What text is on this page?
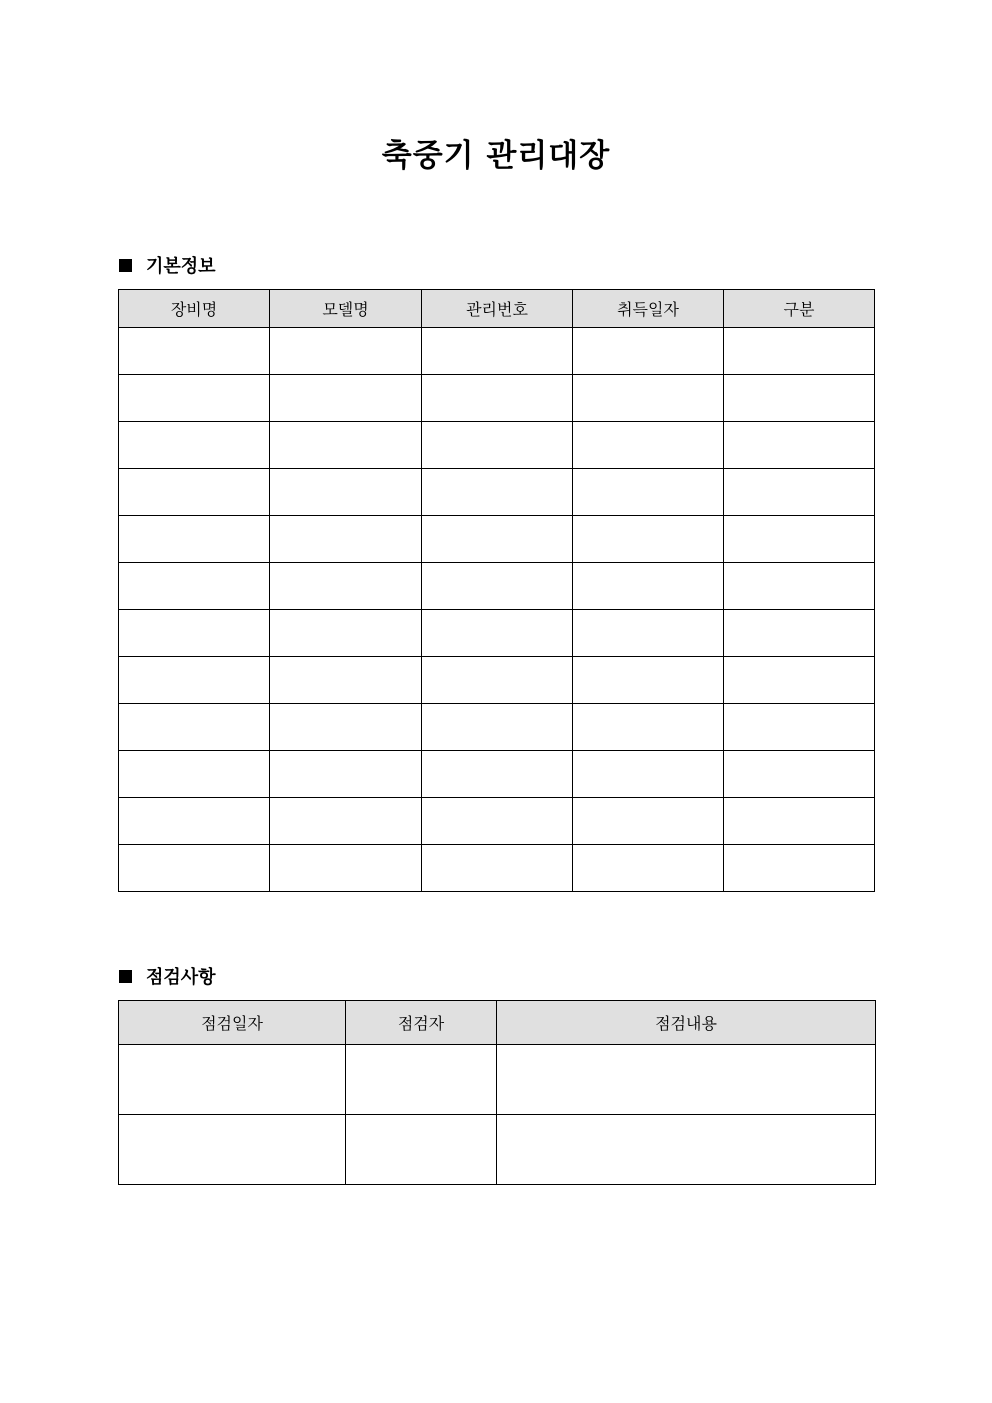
축중기 관리대장
기본정보
장비명	모델명	관리번호	취득일자	구분

점검사항
점검일자	점검자	점검내용
